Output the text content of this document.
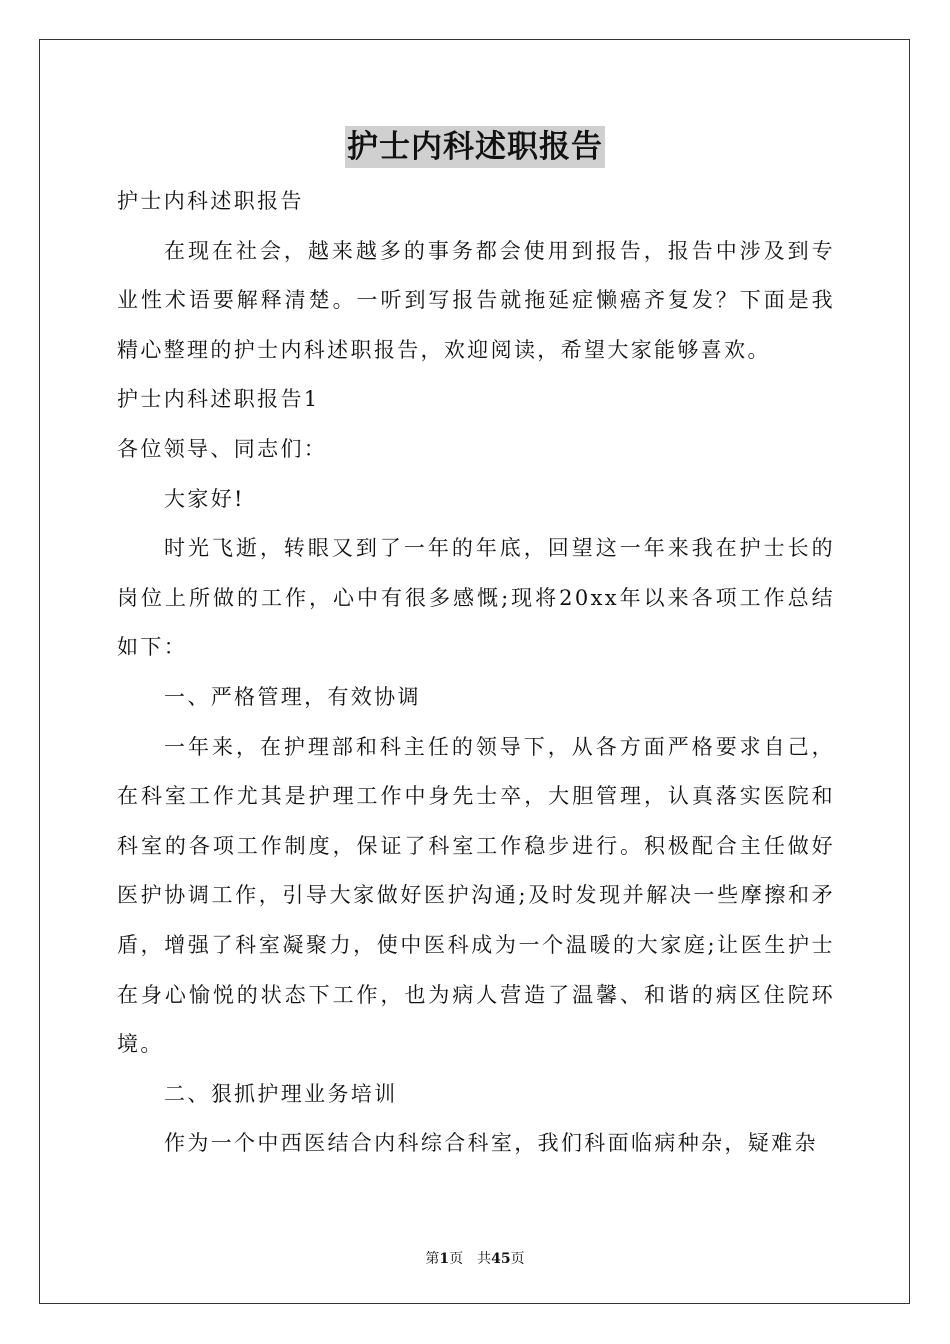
护士内科述职报告

护士内科述职报告

在现在社会，越来越多的事务都会使用到报告，报告中涉及到专业性术语要解释清楚。一听到写报告就拖延症懒癌齐复发？下面是我精心整理的护士内科述职报告，欢迎阅读，希望大家能够喜欢。

护士内科述职报告1

各位领导、同志们：

大家好!

时光飞逝，转眼又到了一年的年底，回望这一年来我在护士长的岗位上所做的工作，心中有很多感慨;现将20xx年以来各项工作总结如下：

一、严格管理，有效协调

一年来，在护理部和科主任的领导下，从各方面严格要求自己，在科室工作尤其是护理工作中身先士卒，大胆管理，认真落实医院和科室的各项工作制度，保证了科室工作稳步进行。积极配合主任做好医护协调工作，引导大家做好医护沟通;及时发现并解决一些摩擦和矛盾，增强了科室凝聚力，使中医科成为一个温暖的大家庭;让医生护士在身心愉悦的状态下工作，也为病人营造了温馨、和谐的病区住院环境。

二、狠抓护理业务培训

作为一个中西医结合内科综合科室，我们科面临病种杂，疑难杂

第1页　共45页
